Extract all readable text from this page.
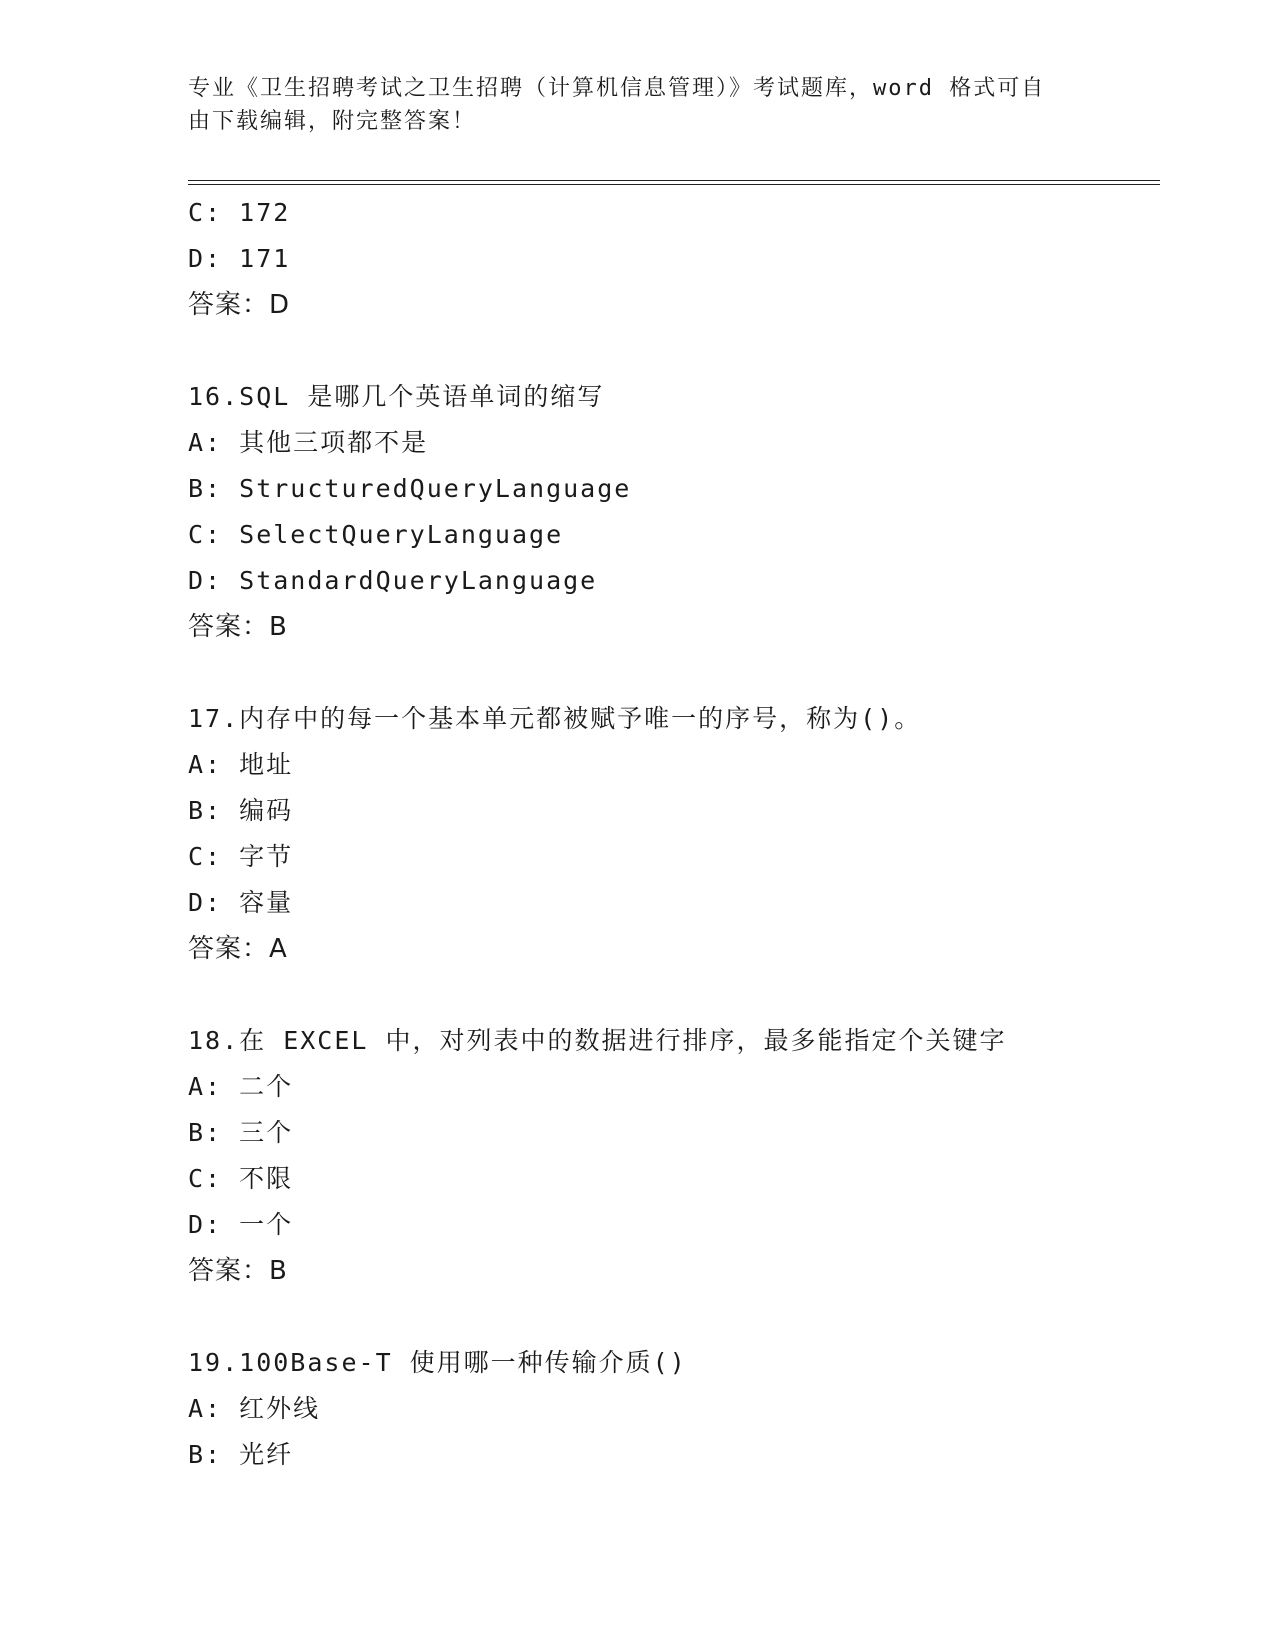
专业《卫生招聘考试之卫生招聘（计算机信息管理）》考试题库，word 格式可自
由下载编辑，附完整答案！
C: 172
D: 171
答案：D
16.SQL 是哪几个英语单词的缩写
A: 其他三项都不是
B: StructuredQueryLanguage
C: SelectQueryLanguage
D: StandardQueryLanguage
答案：B
17.内存中的每一个基本单元都被赋予唯一的序号，称为()。
A: 地址
B: 编码
C: 字节
D: 容量
答案：A
18.在 EXCEL 中，对列表中的数据进行排序，最多能指定个关键字
A: 二个
B: 三个
C: 不限
D: 一个
答案：B
19.100Base-T 使用哪一种传输介质()
A: 红外线
B: 光纤
